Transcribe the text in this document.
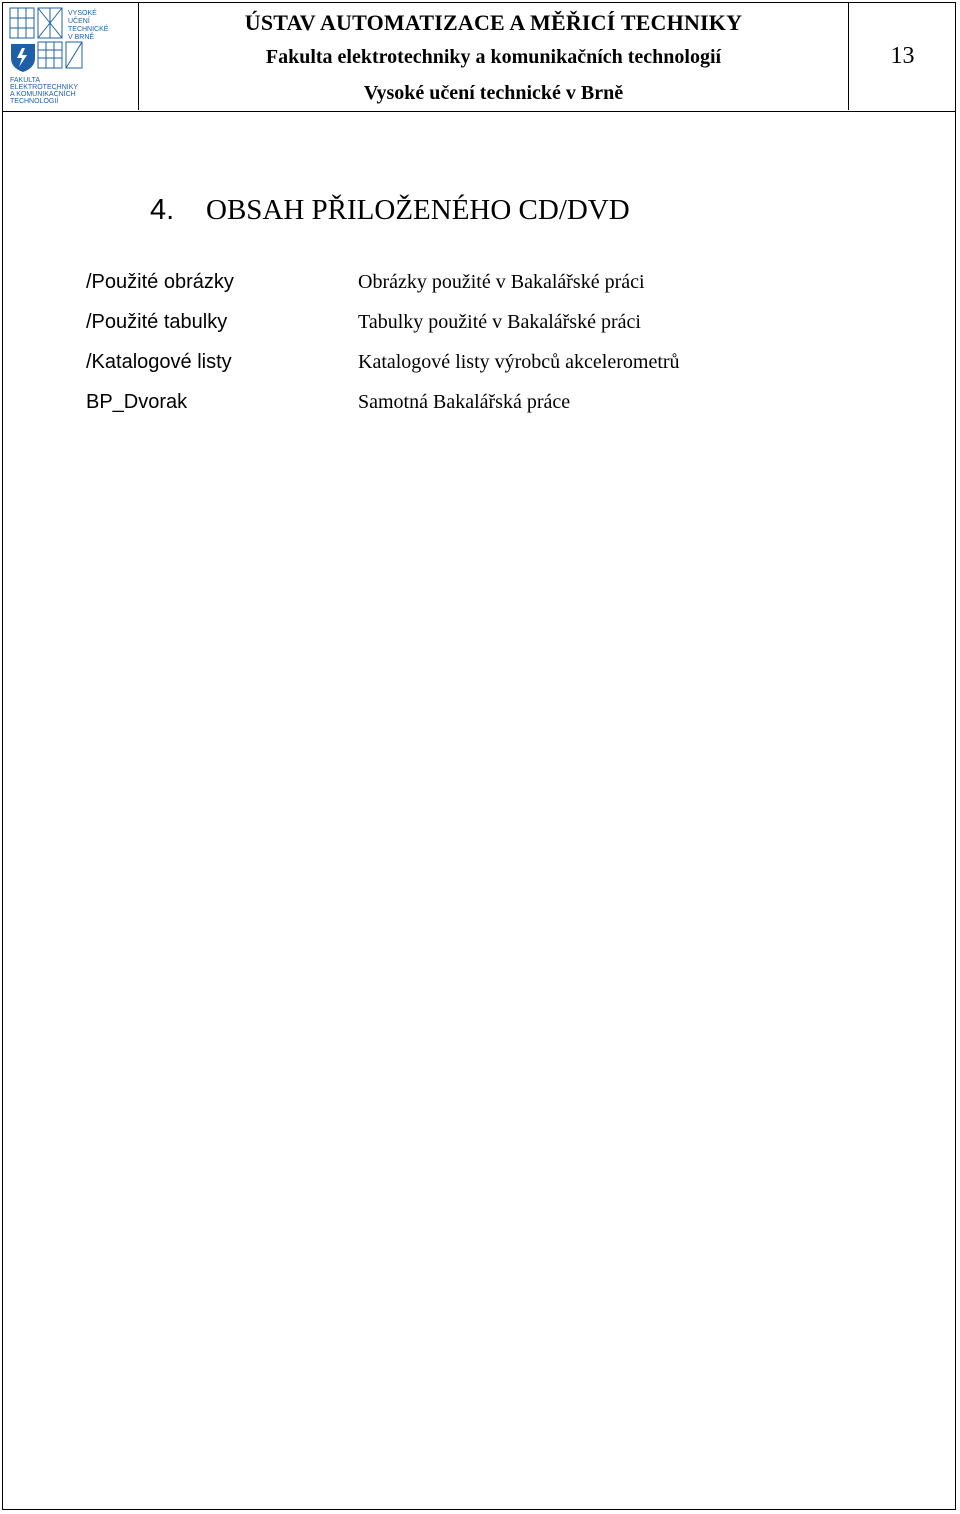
VYSOKÉ
UČENÍ
TECHNICKÉ
V BRNĚ
FAKULTA
ELEKTROTECHNIKY
A KOMUNIKAČNÍCH
TECHNOLOGIÍ
ÚSTAV AUTOMATIZACE A MĚŘICÍ TECHNIKY
Fakulta elektrotechniky a komunikačních technologií
Vysoké učení technické v Brně
13
4. OBSAH PŘILOŽENÉHO CD/DVD
/Použité obrázky	Obrázky použité v Bakalářské práci
/Použité tabulky	Tabulky použité v Bakalářské práci
/Katalogové listy	Katalogové listy výrobců akcelerometrů
BP_Dvorak	Samotná Bakalářská práce
